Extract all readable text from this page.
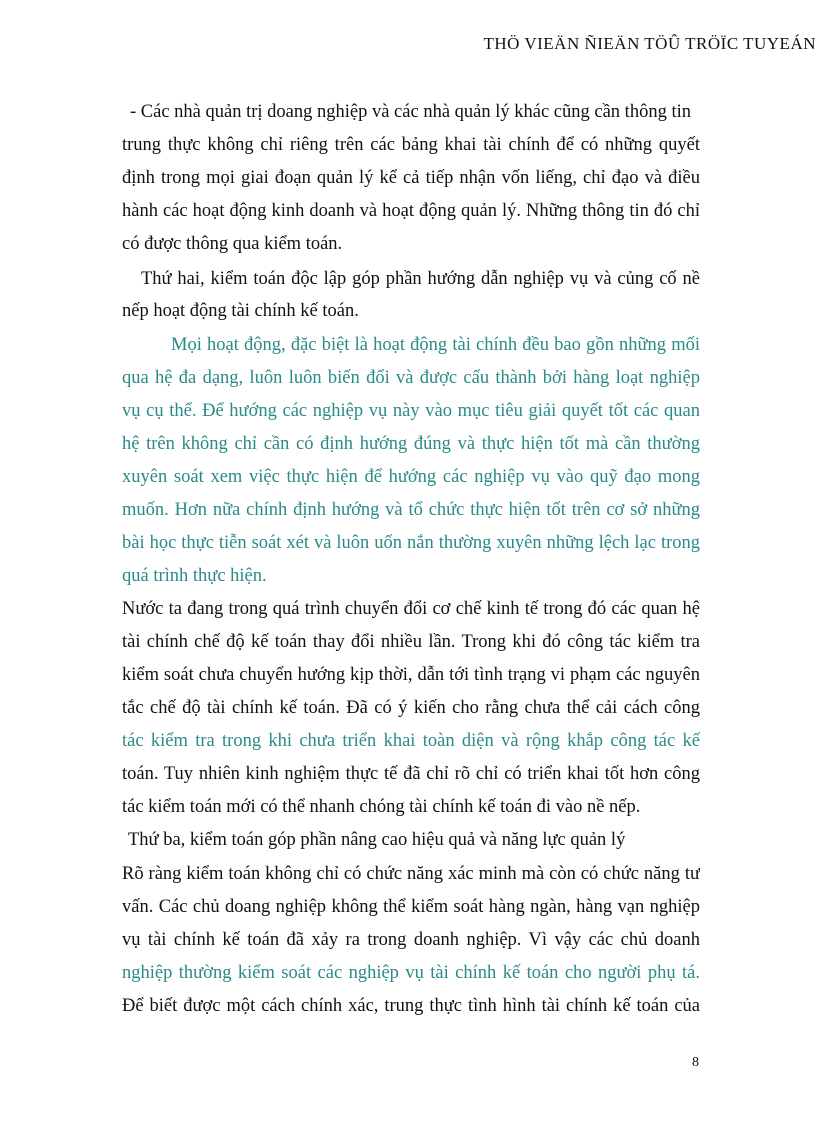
THÖ VIEÄN ÑIEÄN TÖÛ TRÖÏC TUYEÁN
- Các nhà quản trị doang nghiệp và các nhà quản lý khác cũng cần thông tin
trung thực không chỉ riêng trên các bảng khai tài chính để có những quyết
định trong mọi giai đoạn quản lý kể cả tiếp nhận vốn liếng, chỉ đạo và điều
hành các hoạt động kinh doanh và hoạt động quản lý. Những thông tin đó chỉ
có được thông qua kiểm toán.
Thứ hai, kiểm toán độc lập góp phần hướng dẫn nghiệp vụ và củng cố nề
nếp hoạt động tài chính kế toán.
Mọi hoạt động, đặc biệt là hoạt động tài chính đều bao gồn những mối
qua hệ đa dạng, luôn luôn biến đổi và được cấu thành bởi hàng loạt nghiệp
vụ cụ thể. Để hướng các nghiệp vụ này vào mục tiêu giải quyết tốt các quan
hệ trên không chỉ cần có định hướng đúng và thực hiện tốt mà cần thường
xuyên soát xem việc thực hiện để hướng các nghiệp vụ vào quỹ đạo mong
muốn. Hơn nữa chính định hướng và tổ chức thực hiện tốt trên cơ sở những
bài học thực tiễn soát xét và luôn uốn nắn thường xuyên những lệch lạc trong
quá trình thực hiện.
Nước ta đang trong quá trình chuyển đổi cơ chế kinh tế trong đó các quan hệ
tài chính chế độ kế toán thay đổi nhiều lần. Trong khi đó công tác kiểm tra
kiểm soát chưa chuyển hướng kịp thời, dẫn tới tình trạng vi phạm các nguyên
tắc chế độ tài chính kế toán. Đã có ý kiến cho rằng chưa thể cải cách công
tác kiểm tra trong khi chưa triển khai toàn diện và rộng khắp công tác kế
toán. Tuy nhiên kinh nghiệm thực tế đã chỉ rõ chỉ có triển khai tốt hơn công
tác kiểm toán mới có thể nhanh chóng tài chính kế toán đi vào nề nếp.
Thứ ba, kiểm toán góp phần nâng cao hiệu quả và năng lực quản lý
Rõ ràng kiểm toán không chỉ có chức năng xác minh mà còn có chức năng tư
vấn. Các chủ doang nghiệp không thể kiểm soát hàng ngàn, hàng vạn nghiệp
vụ tài chính kế toán đã xảy ra trong doanh nghiệp. Vì vậy các chủ doanh
nghiệp thường kiểm soát các nghiệp vụ tài chính kế toán cho người phụ tá.
Để biết được một cách chính xác, trung thực tình hình tài chính kế toán của
8
